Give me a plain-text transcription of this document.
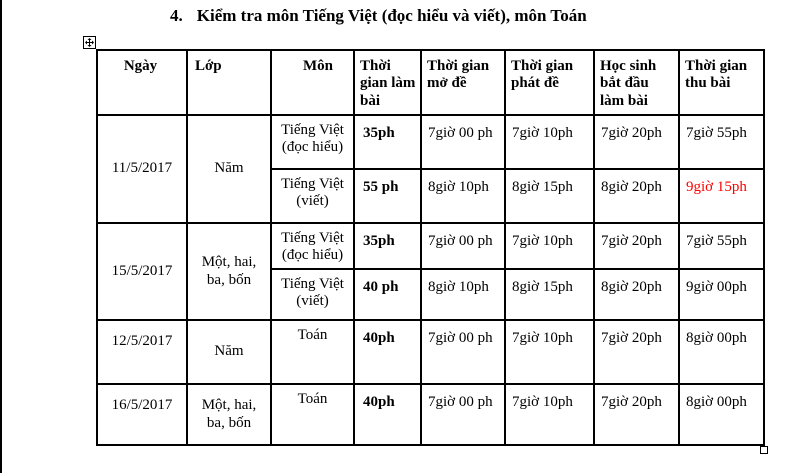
4. Kiểm tra môn Tiếng Việt (đọc hiểu và viết), môn Toán
Ngày	Lớp	Môn	Thời gian làm bài	Thời gian mở đề	Thời gian phát đề	Học sinh bắt đầu làm bài	Thời gian thu bài
11/5/2017	Năm	Tiếng Việt (đọc hiểu)	35ph	7giờ 00 ph	7giờ 10ph	7giờ 20ph	7giờ 55ph
		Tiếng Việt (viết)	55 ph	8giờ 10ph	8giờ 15ph	8giờ 20ph	9giờ 15ph
15/5/2017	Một, hai, ba, bốn	Tiếng Việt (đọc hiểu)	35ph	7giờ 00 ph	7giờ 10ph	7giờ 20ph	7giờ 55ph
		Tiếng Việt (viết)	40 ph	8giờ 10ph	8giờ 15ph	8giờ 20ph	9giờ 00ph
12/5/2017	Năm	Toán	40ph	7giờ 00 ph	7giờ 10ph	7giờ 20ph	8giờ 00ph
16/5/2017	Một, hai, ba, bốn	Toán	40ph	7giờ 00 ph	7giờ 10ph	7giờ 20ph	8giờ 00ph
